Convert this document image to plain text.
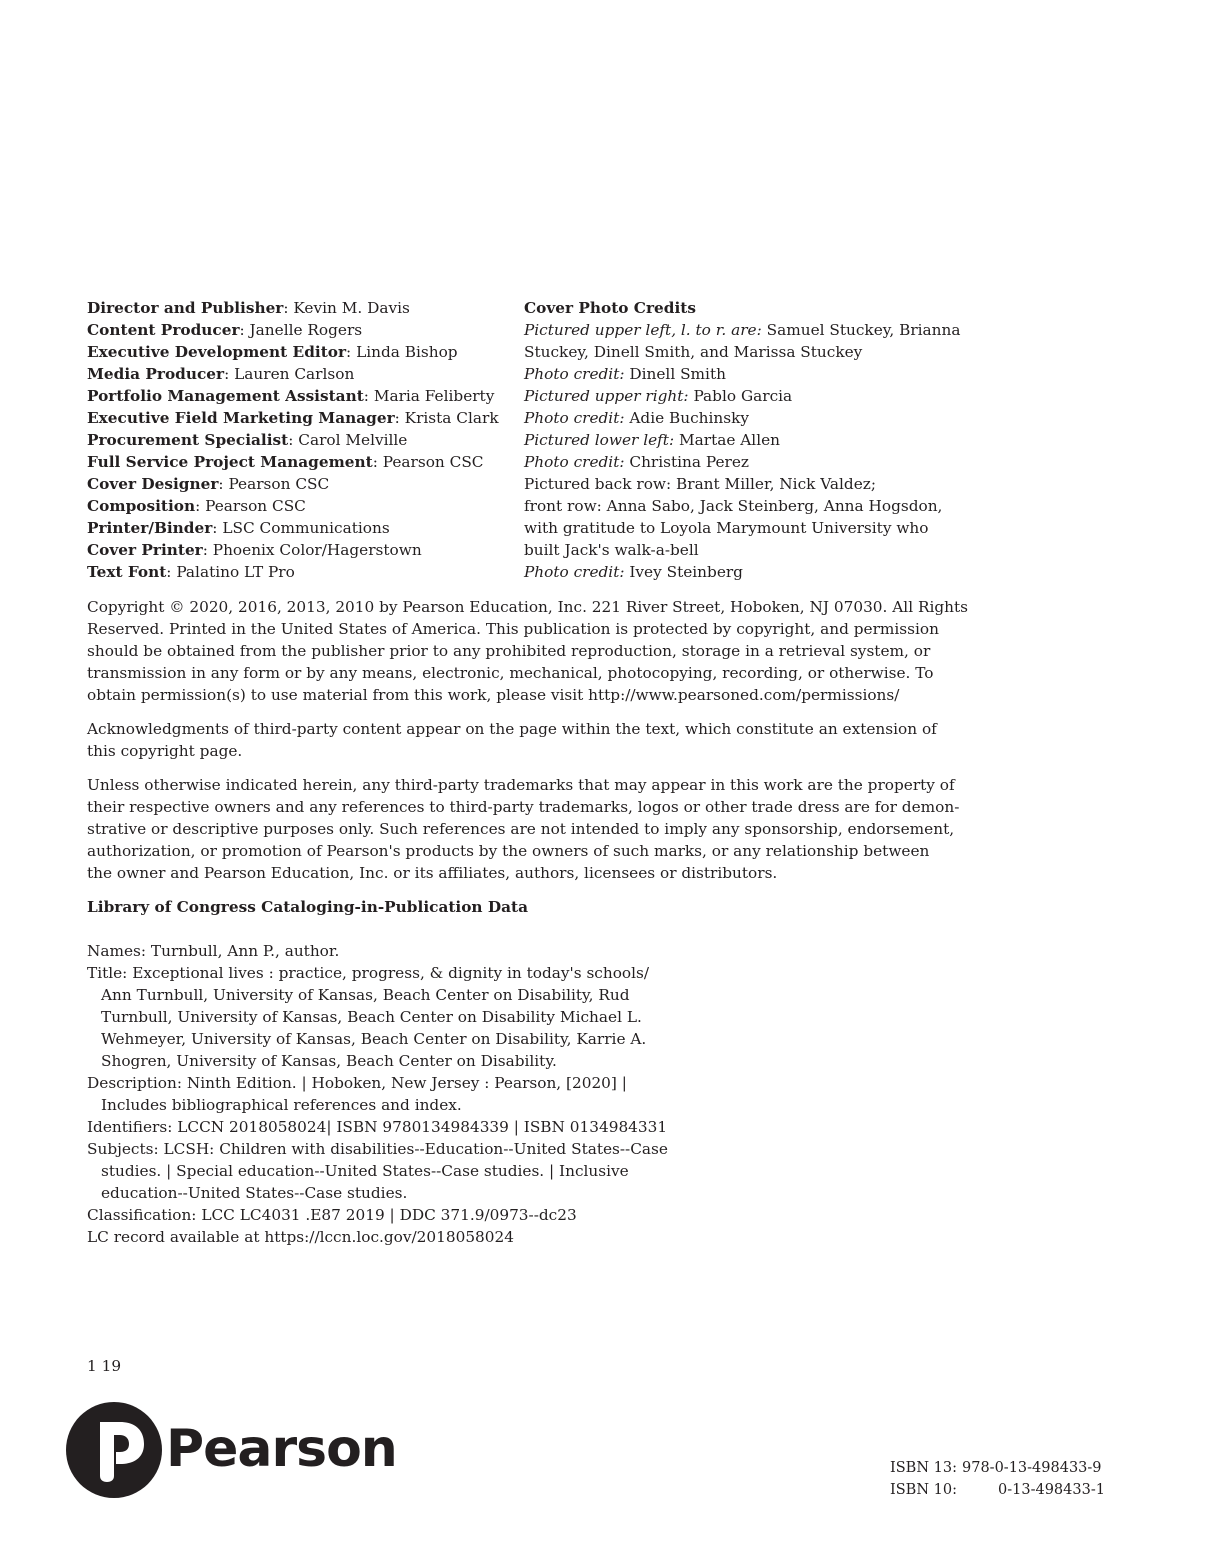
Director and Publisher: Kevin M. Davis
Content Producer: Janelle Rogers
Executive Development Editor: Linda Bishop
Media Producer: Lauren Carlson
Portfolio Management Assistant: Maria Feliberty
Executive Field Marketing Manager: Krista Clark
Procurement Specialist: Carol Melville
Full Service Project Management: Pearson CSC
Cover Designer: Pearson CSC
Composition: Pearson CSC
Printer/Binder: LSC Communications
Cover Printer: Phoenix Color/Hagerstown
Text Font: Palatino LT Pro
Cover Photo Credits
Pictured upper left, l. to r. are: Samuel Stuckey, Brianna
Stuckey, Dinell Smith, and Marissa Stuckey
Photo credit: Dinell Smith
Pictured upper right: Pablo Garcia
Photo credit: Adie Buchinsky
Pictured lower left: Martae Allen
Photo credit: Christina Perez
Pictured back row: Brant Miller, Nick Valdez;
front row: Anna Sabo, Jack Steinberg, Anna Hogsdon,
with gratitude to Loyola Marymount University who
built Jack's walk-a-bell
Photo credit: Ivey Steinberg
Copyright © 2020, 2016, 2013, 2010 by Pearson Education, Inc. 221 River Street, Hoboken, NJ 07030. All Rights
Reserved. Printed in the United States of America. This publication is protected by copyright, and permission
should be obtained from the publisher prior to any prohibited reproduction, storage in a retrieval system, or
transmission in any form or by any means, electronic, mechanical, photocopying, recording, or otherwise. To
obtain permission(s) to use material from this work, please visit http://www.pearsoned.com/permissions/
Acknowledgments of third-party content appear on the page within the text, which constitute an extension of
this copyright page.
Unless otherwise indicated herein, any third-party trademarks that may appear in this work are the property of
their respective owners and any references to third-party trademarks, logos or other trade dress are for demon-
strative or descriptive purposes only. Such references are not intended to imply any sponsorship, endorsement,
authorization, or promotion of Pearson's products by the owners of such marks, or any relationship between
the owner and Pearson Education, Inc. or its affiliates, authors, licensees or distributors.
Library of Congress Cataloging-in-Publication Data
Names: Turnbull, Ann P., author.
Title: Exceptional lives : practice, progress, & dignity in today's schools/
Ann Turnbull, University of Kansas, Beach Center on Disability, Rud
Turnbull, University of Kansas, Beach Center on Disability Michael L.
Wehmeyer, University of Kansas, Beach Center on Disability, Karrie A.
Shogren, University of Kansas, Beach Center on Disability.
Description: Ninth Edition. | Hoboken, New Jersey : Pearson, [2020] |
Includes bibliographical references and index.
Identifiers: LCCN 2018058024| ISBN 9780134984339 | ISBN 0134984331
Subjects: LCSH: Children with disabilities--Education--United States--Case
studies. | Special education--United States--Case studies. | Inclusive
education--United States--Case studies.
Classification: LCC LC4031 .E87 2019 | DDC 371.9/0973--dc23
LC record available at https://lccn.loc.gov/2018058024
1 19
Pearson	ISBN 13: 978-0-13-498433-9
ISBN 10:	0-13-498433-1
